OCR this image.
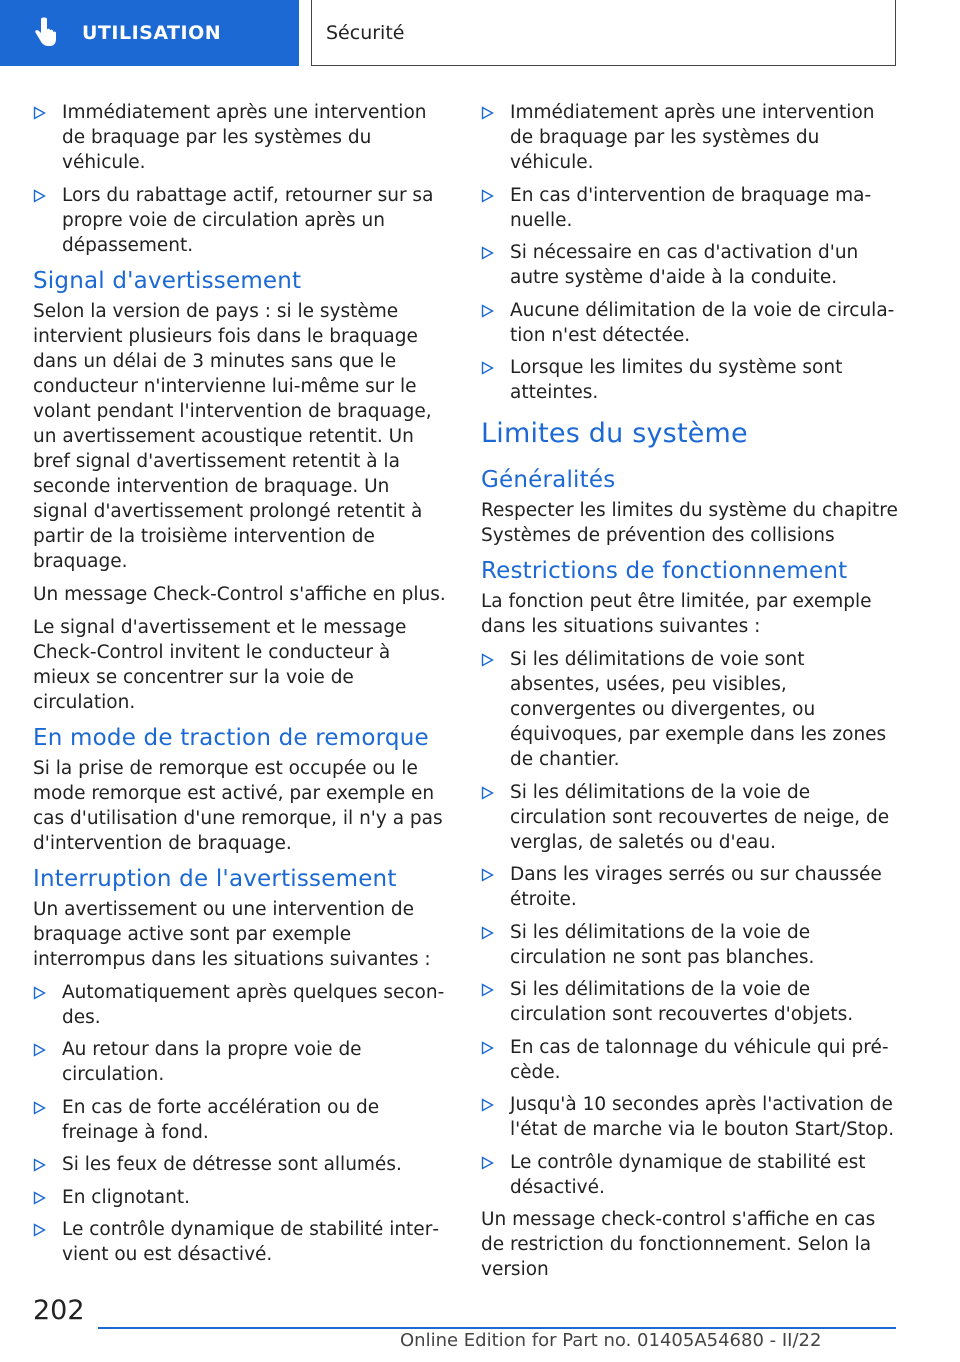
UTILISATION	Sécurité
Immédiatement après une intervention de braquage par les systèmes du véhicule.
Lors du rabattage actif, retourner sur sa propre voie de circulation après un dépassement.
Signal d'avertissement

Selon la version de pays : si le système intervient plusieurs fois dans le braquage dans un délai de 3 minutes sans que le conducteur n'intervienne lui-même sur le volant pendant l'intervention de braquage, un avertissement acoustique retentit. Un bref signal d'avertissement retentit à la seconde intervention de braquage. Un signal d'avertissement prolongé retentit à partir de la troisième intervention de braquage.

Un message Check-Control s'affiche en plus.

Le signal d'avertissement et le message Check-Control invitent le conducteur à mieux se concentrer sur la voie de circulation.

En mode de traction de remorque

Si la prise de remorque est occupée ou le mode remorque est activé, par exemple en cas d'utilisation d'une remorque, il n'y a pas d'intervention de braquage.

Interruption de l'avertissement

Un avertissement ou une intervention de braquage active sont par exemple interrompus dans les situations suivantes :

Automatiquement après quelques secondes.
Au retour dans la propre voie de circulation.
En cas de forte accélération ou de freinage à fond.
Si les feux de détresse sont allumés.
En clignotant.
Le contrôle dynamique de stabilité intervient ou est désactivé.
Immédiatement après une intervention de braquage par les systèmes du véhicule.
En cas d'intervention de braquage manuelle.
Si nécessaire en cas d'activation d'un autre système d'aide à la conduite.
Aucune délimitation de la voie de circulation n'est détectée.
Lorsque les limites du système sont atteintes.
Limites du système
Généralités

Respecter les limites du système du chapitre Systèmes de prévention des collisions

Restrictions de fonctionnement

La fonction peut être limitée, par exemple dans les situations suivantes :

Si les délimitations de voie sont absentes, usées, peu visibles, convergentes ou divergentes, ou équivoques, par exemple dans les zones de chantier.
Si les délimitations de la voie de circulation sont recouvertes de neige, de verglas, de saletés ou d'eau.
Dans les virages serrés ou sur chaussée étroite.
Si les délimitations de la voie de circulation ne sont pas blanches.
Si les délimitations de la voie de circulation sont recouvertes d'objets.
En cas de talonnage du véhicule qui précède.
Jusqu'à 10 secondes après l'activation de l'état de marche via le bouton Start/Stop.
Le contrôle dynamique de stabilité est désactivé.

Un message check-control s'affiche en cas de restriction du fonctionnement. Selon la version

202
Online Edition for Part no. 01405A54680 - II/22
